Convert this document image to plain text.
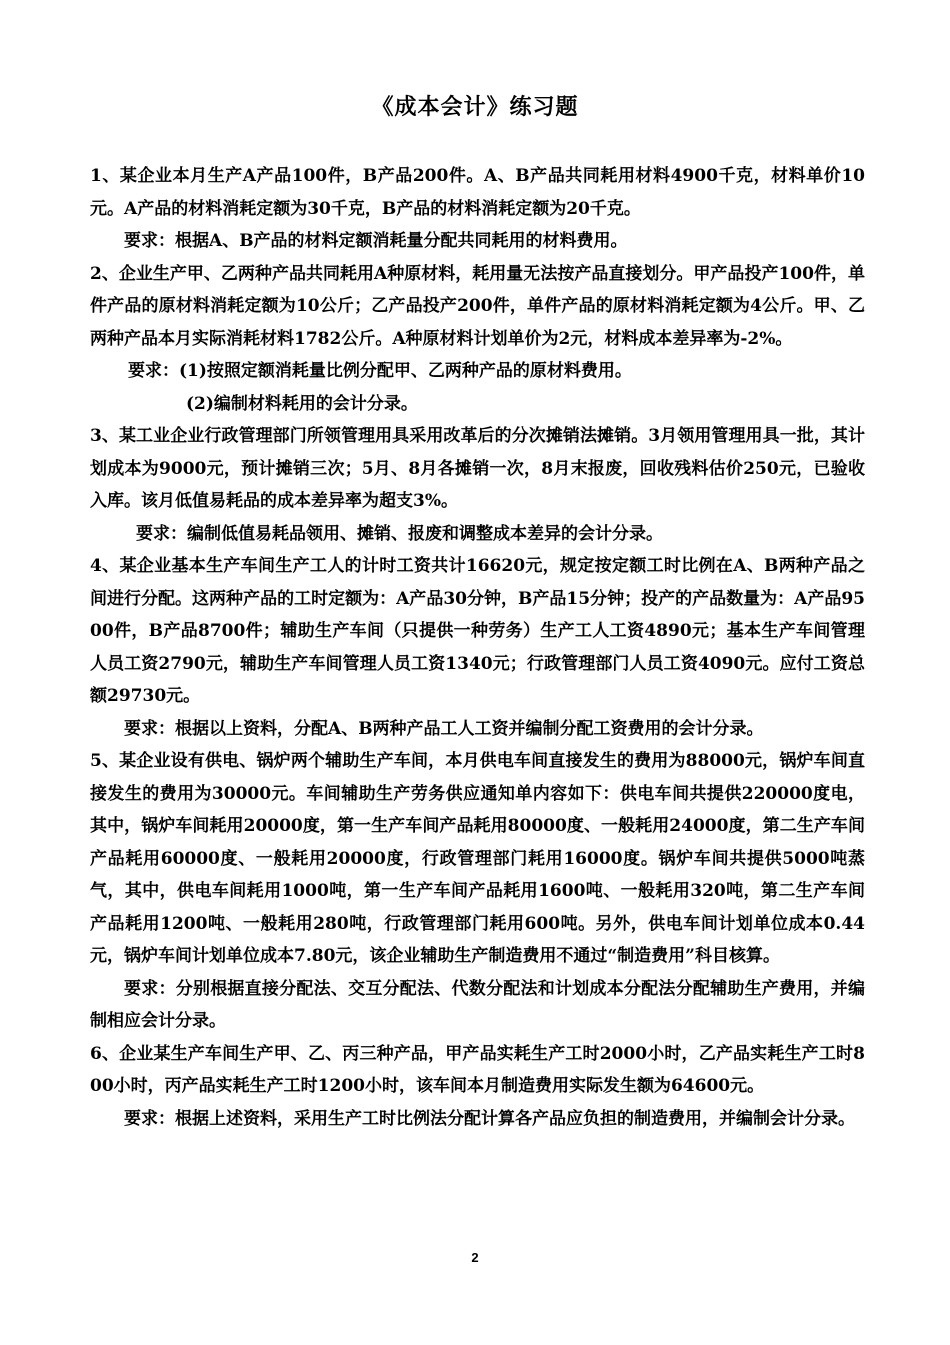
《成本会计》练习题

1、某企业本月生产A产品100件，B产品200件。A、B产品共同耗用材料4900千克，材料单价10元。A产品的材料消耗定额为30千克，B产品的材料消耗定额为20千克。

要求：根据A、B产品的材料定额消耗量分配共同耗用的材料费用。

2、企业生产甲、乙两种产品共同耗用A种原材料，耗用量无法按产品直接划分。甲产品投产100件，单件产品的原材料消耗定额为10公斤；乙产品投产200件，单件产品的原材料消耗定额为4公斤。甲、乙两种产品本月实际消耗材料1782公斤。A种原材料计划单价为2元，材料成本差异率为-2%。

要求：(1)按照定额消耗量比例分配甲、乙两种产品的原材料费用。

(2)编制材料耗用的会计分录。

3、某工业企业行政管理部门所领管理用具采用改革后的分次摊销法摊销。3月领用管理用具一批，其计划成本为9000元，预计摊销三次；5月、8月各摊销一次，8月末报废，回收残料估价250元，已验收入库。该月低值易耗品的成本差异率为超支3%。

要求：编制低值易耗品领用、摊销、报废和调整成本差异的会计分录。

4、某企业基本生产车间生产工人的计时工资共计16620元，规定按定额工时比例在A、B两种产品之间进行分配。这两种产品的工时定额为：A产品30分钟，B产品15分钟；投产的产品数量为：A产品9500件，B产品8700件；辅助生产车间（只提供一种劳务）生产工人工资4890元；基本生产车间管理人员工资2790元，辅助生产车间管理人员工资1340元；行政管理部门人员工资4090元。应付工资总额29730元。

要求：根据以上资料，分配A、B两种产品工人工资并编制分配工资费用的会计分录。

5、某企业设有供电、锅炉两个辅助生产车间，本月供电车间直接发生的费用为88000元，锅炉车间直接发生的费用为30000元。车间辅助生产劳务供应通知单内容如下：供电车间共提供220000度电，其中，锅炉车间耗用20000度，第一生产车间产品耗用80000度、一般耗用24000度，第二生产车间产品耗用60000度、一般耗用20000度，行政管理部门耗用16000度。锅炉车间共提供5000吨蒸气，其中，供电车间耗用1000吨，第一生产车间产品耗用1600吨、一般耗用320吨，第二生产车间产品耗用1200吨、一般耗用280吨，行政管理部门耗用600吨。另外，供电车间计划单位成本0.44元，锅炉车间计划单位成本7.80元，该企业辅助生产制造费用不通过“制造费用”科目核算。

要求：分别根据直接分配法、交互分配法、代数分配法和计划成本分配法分配辅助生产费用，并编制相应会计分录。

6、企业某生产车间生产甲、乙、丙三种产品，甲产品实耗生产工时2000小时，乙产品实耗生产工时800小时，丙产品实耗生产工时1200小时，该车间本月制造费用实际发生额为64600元。

要求：根据上述资料，采用生产工时比例法分配计算各产品应负担的制造费用，并编制会计分录。

2
